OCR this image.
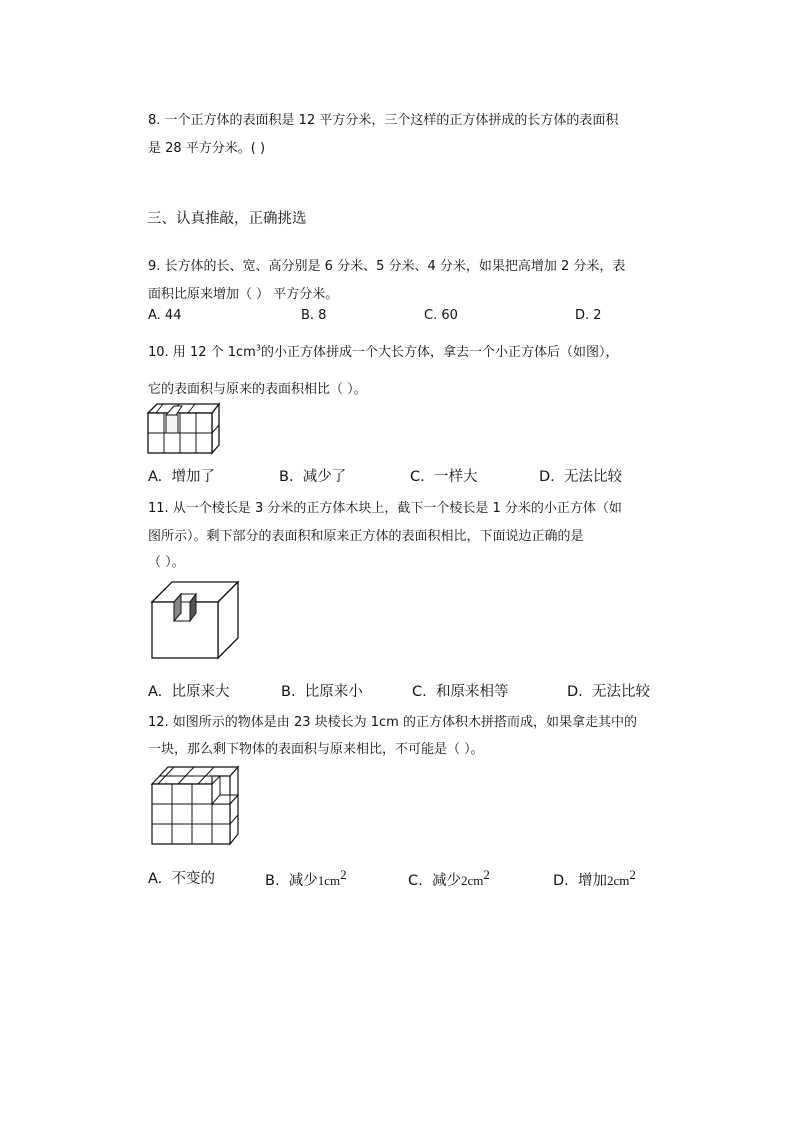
8. 一个正方体的表面积是 12 平方分米，三个这样的正方体拼成的长方体的表面积
是 28 平方分米。( )
三、认真推敲，正确挑选
9. 长方体的长、宽、高分别是 6 分米、5 分米、4 分米，如果把高增加 2 分米，表
面积比原来增加（ ） 平方分米。
A. 44	B. 8	C. 60	D. 2
10. 用 12 个 $1cm^3$的小正方体拼成一个大长方体，拿去一个小正方体后（如图），
它的表面积与原来的表面积相比（ ）。
A. 增加了	B. 减少了	C. 一样大	D. 无法比较
11. 从一个棱长是 3 分米的正方体木块上，截下一个棱长是 1 分米的小正方体（如
图所示）。剩下部分的表面积和原来正方体的表面积相比，下面说边正确的是
（ ）。
A. 比原来大	B. 比原来小	C. 和原来相等	D. 无法比较
12. 如图所示的物体是由 23 块棱长为 1cm 的正方体积木拼搭而成，如果拿走其中的
一块，那么剩下物体的表面积与原来相比，不可能是（ ）。
A. 不变的	B. 减少$1cm^2$	C. 减少$2cm^2$	D. 增加$2cm^2$
